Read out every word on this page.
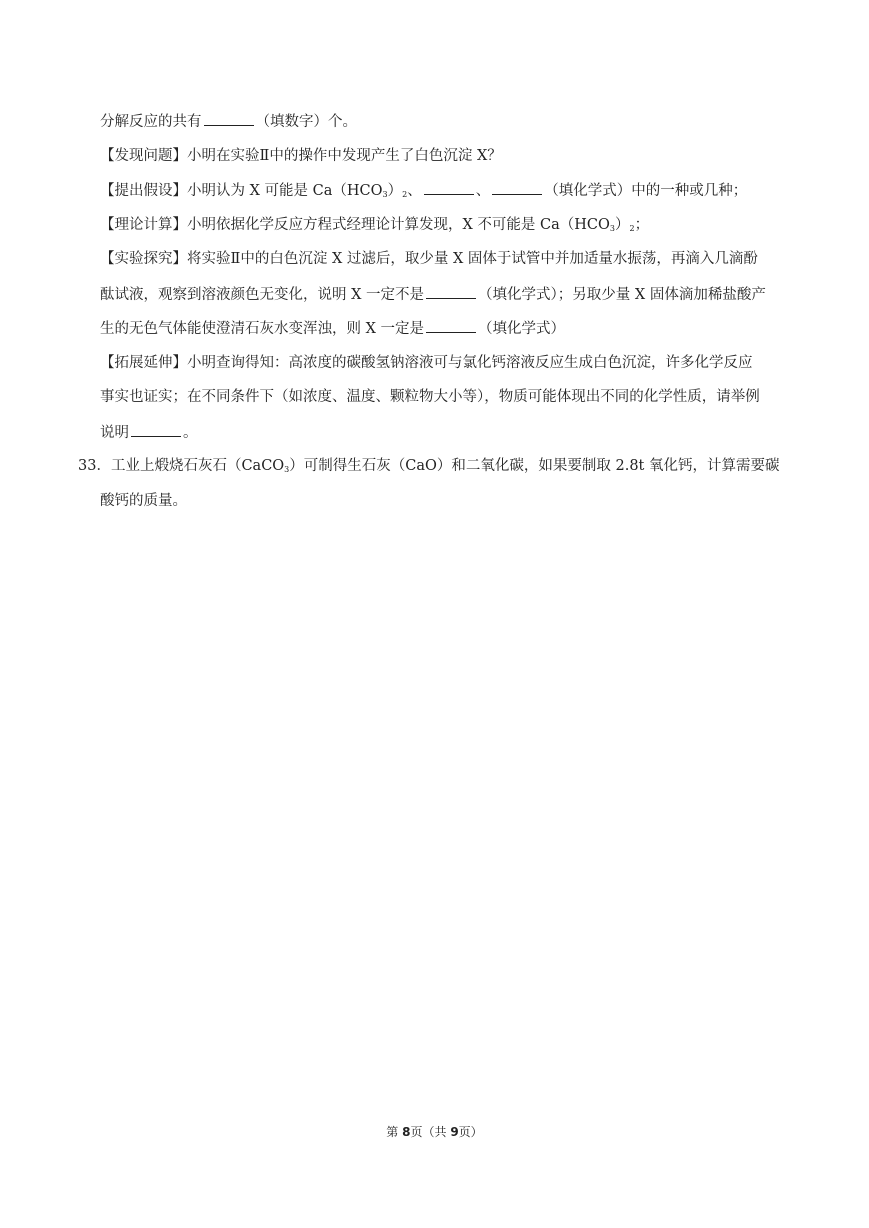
分解反应的共有	（填数字）个。
【发现问题】小明在实验Ⅱ中的操作中发现产生了白色沉淀 X？
【提出假设】小明认为 X 可能是 $Ca(HCO_3)_2$、	、	（填化学式）中的一种或几种；
【理论计算】小明依据化学反应方程式经理论计算发现，X 不可能是 $Ca(HCO_3)_2$；
【实验探究】将实验Ⅱ中的白色沉淀 X 过滤后，取少量 X 固体于试管中并加适量水振荡，再滴入几滴酚
酞试液，观察到溶液颜色无变化，说明 X 一定不是	（填化学式）；另取少量 X 固体滴加稀盐酸产
生的无色气体能使澄清石灰水变浑浊，则 X 一定是	（填化学式）
【拓展延伸】小明查询得知：高浓度的碳酸氢钠溶液可与氯化钙溶液反应生成白色沉淀，许多化学反应
事实也证实；在不同条件下（如浓度、温度、颗粒物大小等），物质可能体现出不同的化学性质，请举例
说明	。
33．工业上煅烧石灰石（CaCO$_3$）可制得生石灰（CaO）和二氧化碳，如果要制取 2.8t 氧化钙，计算需要碳
酸钙的质量。
第 8页（共 9页）
